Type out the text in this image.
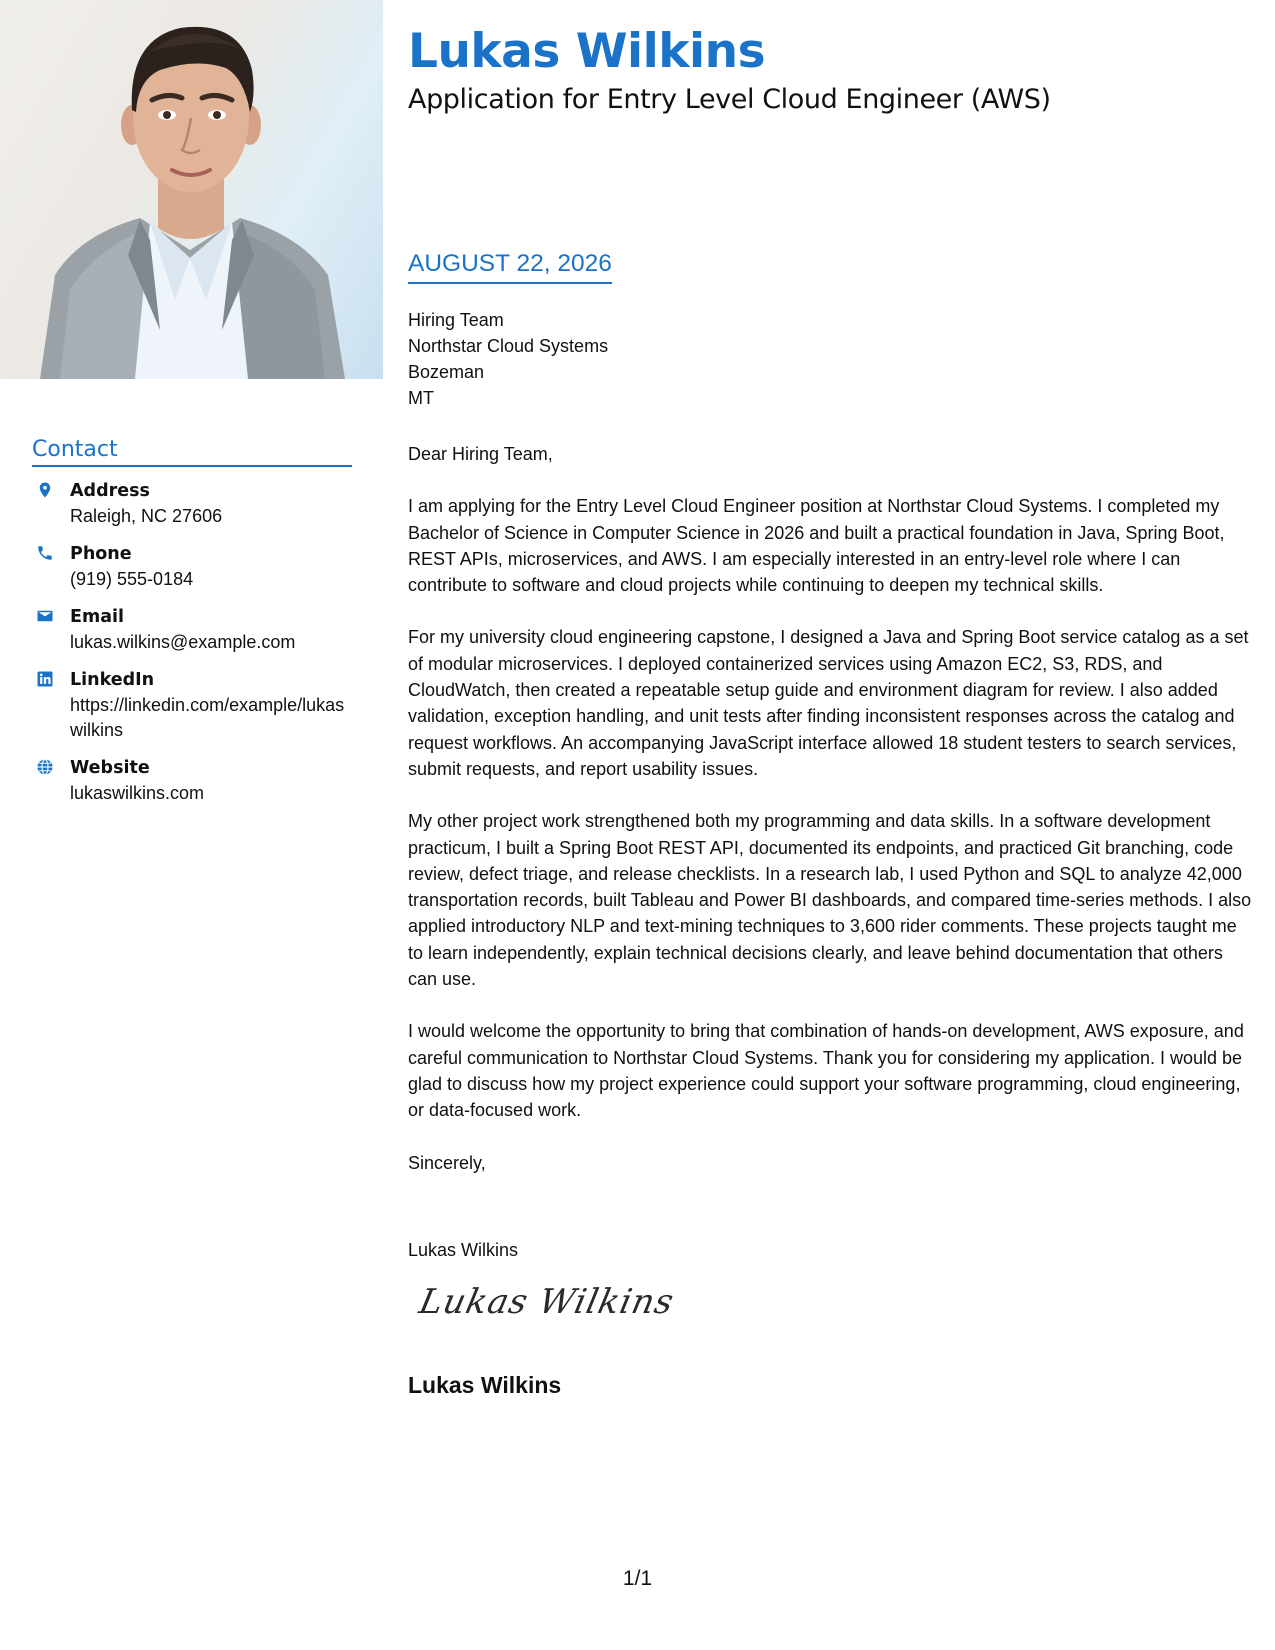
Contact
Address
Raleigh, NC 27606
Phone
(919) 555-0184
Email
lukas.wilkins@example.com
LinkedIn
https://linkedin.com/example/lukaswilkins
Website
lukaswilkins.com
Lukas Wilkins
Application for Entry Level Cloud Engineer (AWS)
AUGUST 22, 2026
Hiring Team
Northstar Cloud Systems
Bozeman
MT

Dear Hiring Team,

I am applying for the Entry Level Cloud Engineer position at Northstar Cloud Systems. I completed my Bachelor of Science in Computer Science in 2026 and built a practical foundation in Java, Spring Boot, REST APIs, microservices, and AWS. I am especially interested in an entry-level role where I can contribute to software and cloud projects while continuing to deepen my technical skills.

For my university cloud engineering capstone, I designed a Java and Spring Boot service catalog as a set of modular microservices. I deployed containerized services using Amazon EC2, S3, RDS, and CloudWatch, then created a repeatable setup guide and environment diagram for review. I also added validation, exception handling, and unit tests after finding inconsistent responses across the catalog and request workflows. An accompanying JavaScript interface allowed 18 student testers to search services, submit requests, and report usability issues.

My other project work strengthened both my programming and data skills. In a software development practicum, I built a Spring Boot REST API, documented its endpoints, and practiced Git branching, code review, defect triage, and release checklists. In a research lab, I used Python and SQL to analyze 42,000 transportation records, built Tableau and Power BI dashboards, and compared time-series methods. I also applied introductory NLP and text-mining techniques to 3,600 rider comments. These projects taught me to learn independently, explain technical decisions clearly, and leave behind documentation that others can use.

I would welcome the opportunity to bring that combination of hands-on development, AWS exposure, and careful communication to Northstar Cloud Systems. Thank you for considering my application. I would be glad to discuss how my project experience could support your software programming, cloud engineering, or data-focused work.

Sincerely,
Lukas Wilkins
Lukas Wilkins
Lukas Wilkins
1/1
